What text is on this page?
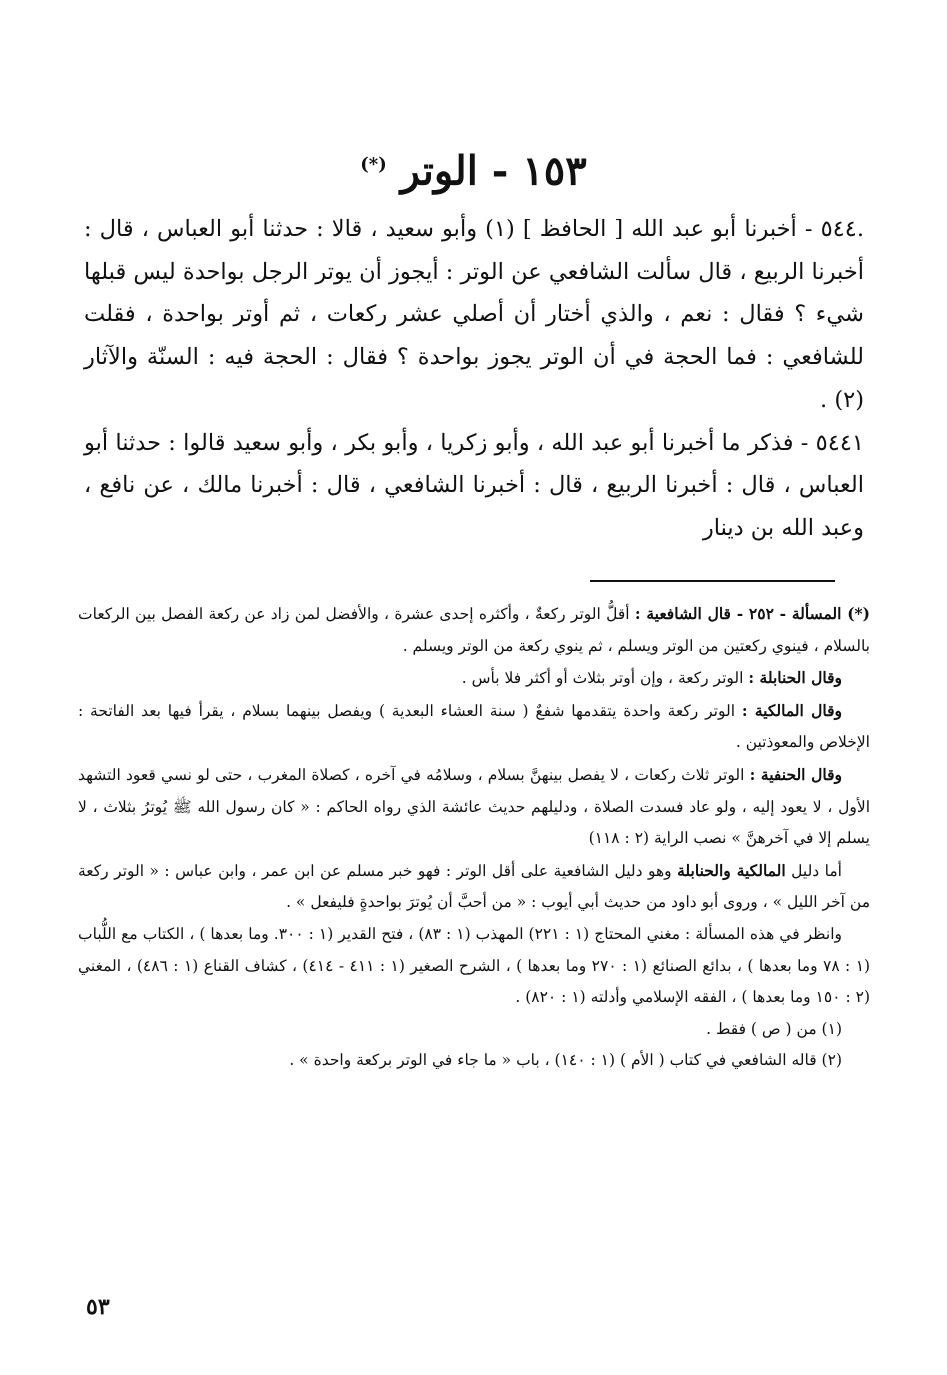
١٥٣ - الوتر (*)

.٥٤٤ - أخبرنا أبو عبد الله [ الحافظ ] (١) وأبو سعيد ، قالا : حدثنا أبو العباس ، قال : أخبرنا الربيع ، قال سألت الشافعي عن الوتر : أيجوز أن يوتر الرجل بواحدة ليس قبلها شيء ؟ فقال : نعم ، والذي أختار أن أصلي عشر ركعات ، ثم أوتر بواحدة ، فقلت للشافعي : فما الحجة في أن الوتر يجوز بواحدة ؟ فقال : الحجة فيه : السنّة والآثار (٢) .

٥٤٤١ - فذكر ما أخبرنا أبو عبد الله ، وأبو زكريا ، وأبو بكر ، وأبو سعيد قالوا : حدثنا أبو العباس ، قال : أخبرنا الربيع ، قال : أخبرنا الشافعي ، قال : أخبرنا مالك ، عن نافع ، وعبد الله بن دينار

(*) المسألة - ٢٥٢ - قال الشافعية : أقلُّ الوتر ركعةٌ ، وأكثره إحدى عشرة ، والأفضل لمن زاد عن ركعة الفصل بين الركعات بالسلام ، فينوي ركعتين من الوتر ويسلم ، ثم ينوي ركعة من الوتر ويسلم .

وقال الحنابلة : الوتر ركعة ، وإن أوتر بثلاث أو أكثر فلا بأس .

وقال المالكية : الوتر ركعة واحدة يتقدمها شفعٌ ( سنة العشاء البعدية ) ويفصل بينهما بسلام ، يقرأ فيها بعد الفاتحة : الإخلاص والمعوذتين .

وقال الحنفية : الوتر ثلاث ركعات ، لا يفصل بينهنَّ بسلام ، وسلامُه في آخره ، كصلاة المغرب ، حتى لو نسي قعود التشهد الأول ، لا يعود إليه ، ولو عاد فسدت الصلاة ، ودليلهم حديث عائشة الذي رواه الحاكم : « كان رسول الله ﷺ يُوترُ بثلاث ، لا يسلم إلا في آخرهنَّ » نصب الراية (٢ : ١١٨)

أما دليل المالكية والحنابلة وهو دليل الشافعية على أقل الوتر : فهو خبر مسلم عن ابن عمر ، وابن عباس : « الوتر ركعة من آخر الليل » ، وروى أبو داود من حديث أبي أيوب : « من أحبَّ أن يُوترَ بواحدةٍ فليفعل » .

وانظر في هذه المسألة : مغني المحتاج (١ : ٢٢١) المهذب (١ : ٨٣) ، فتح القدير (١ : ٣٠٠. وما بعدها ) ، الكتاب مع اللُّباب (١ : ٧٨ وما بعدها ) ، بدائع الصنائع (١ : ٢٧٠ وما بعدها ) ، الشرح الصغير (١ : ٤١١ - ٤١٤) ، كشاف القناع (١ : ٤٨٦) ، المغني (٢ : ١٥٠ وما بعدها ) ، الفقه الإسلامي وأدلته (١ : ٨٢٠) .

(١) من ( ص ) فقط .

(٢) قاله الشافعي في كتاب ( الأم ) (١ : ١٤٠) ، باب « ما جاء في الوتر بركعة واحدة » .

٥٣
